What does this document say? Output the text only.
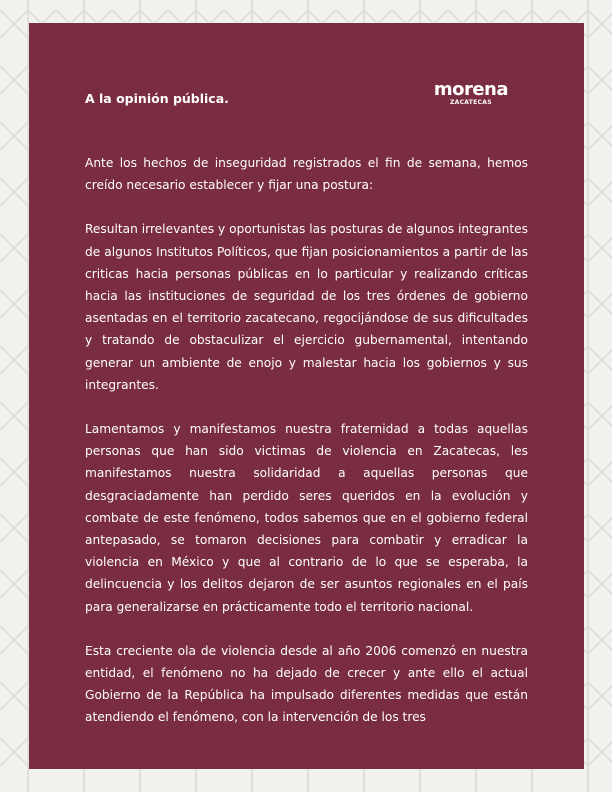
A la opinión pública.	morena
ZACATECAS

Ante los hechos de inseguridad registrados el fin de semana, hemos creído necesario establecer y fijar una postura:

Resultan irrelevantes y oportunistas las posturas de algunos integrantes de algunos Institutos Políticos, que fijan posicionamientos a partir de las criticas hacia personas públicas en lo particular y realizando críticas hacia las instituciones de seguridad de los tres órdenes de gobierno asentadas en el territorio zacatecano, regocijándose de sus dificultades y tratando de obstaculizar el ejercicio gubernamental, intentando generar un ambiente de enojo y malestar hacia los gobiernos y sus integrantes.

Lamentamos y manifestamos nuestra fraternidad a todas aquellas personas que han sido victimas de violencia en Zacatecas, les manifestamos nuestra solidaridad a aquellas personas que desgraciadamente han perdido seres queridos en la evolución y combate de este fenómeno, todos sabemos que en el gobierno federal antepasado, se tomaron decisiones para combatir y erradicar la violencia en México y que al contrario de lo que se esperaba, la delincuencia y los delitos dejaron de ser asuntos regionales en el país para generalizarse en prácticamente todo el territorio nacional.

Esta creciente ola de violencia desde al año 2006 comenzó en nuestra entidad, el fenómeno no ha dejado de crecer y ante ello el actual Gobierno de la República ha impulsado diferentes medidas que están atendiendo el fenómeno, con la intervención de los tres
